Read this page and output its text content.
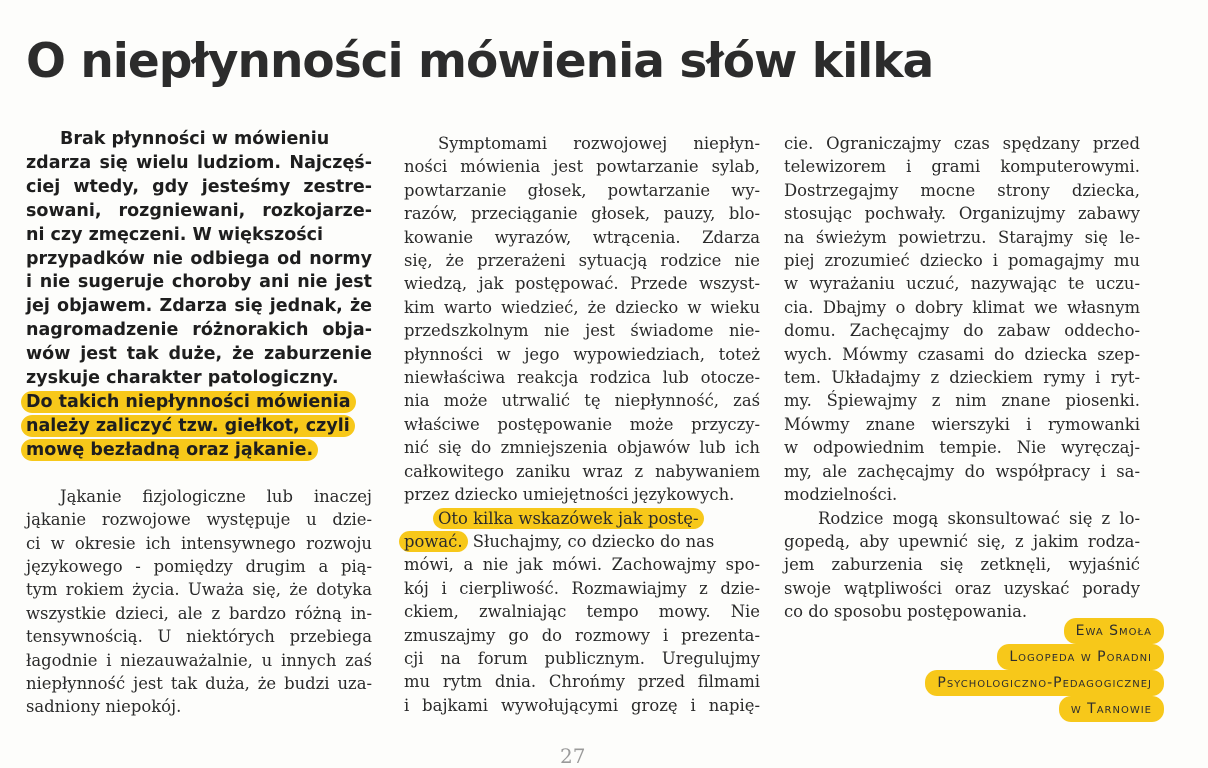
O niepłynności mówienia słów kilka
Brak płynności w mówieniu
zdarza się wielu ludziom. Najczęś-
ciej wtedy, gdy jesteśmy zestre-
sowani, rozgniewani, rozkojarze-
ni czy zmęczeni. W większości
przypadków nie odbiega od normy
i nie sugeruje choroby ani nie jest
jej objawem. Zdarza się jednak, że
nagromadzenie różnorakich obja-
wów jest tak duże, że zaburzenie
zyskuje charakter patologiczny.
Do takich niepłynności mówienia
należy zaliczyć tzw. giełkot, czyli
mowę bezładną oraz jąkanie.
Jąkanie fizjologiczne lub inaczej
jąkanie rozwojowe występuje u dzie-
ci w okresie ich intensywnego rozwoju
językowego - pomiędzy drugim a pią-
tym rokiem życia. Uważa się, że dotyka
wszystkie dzieci, ale z bardzo różną in-
tensywnością. U niektórych przebiega
łagodnie i niezauważalnie, u innych zaś
niepłynność jest tak duża, że budzi uza-
sadniony niepokój.
Symptomami rozwojowej niepłyn-
ności mówienia jest powtarzanie sylab,
powtarzanie głosek, powtarzanie wy-
razów, przeciąganie głosek, pauzy, blo-
kowanie wyrazów, wtrącenia. Zdarza
się, że przerażeni sytuacją rodzice nie
wiedzą, jak postępować. Przede wszyst-
kim warto wiedzieć, że dziecko w wieku
przedszkolnym nie jest świadome nie-
płynności w jego wypowiedziach, toteż
niewłaściwa reakcja rodzica lub otocze-
nia może utrwalić tę niepłynność, zaś
właściwe postępowanie może przyczy-
nić się do zmniejszenia objawów lub ich
całkowitego zaniku wraz z nabywaniem
przez dziecko umiejętności językowych.
Oto kilka wskazówek jak postę-
pować. Słuchajmy, co dziecko do nas
mówi, a nie jak mówi. Zachowajmy spo-
kój i cierpliwość. Rozmawiajmy z dzie-
ckiem, zwalniając tempo mowy. Nie
zmuszajmy go do rozmowy i prezenta-
cji na forum publicznym. Uregulujmy
mu rytm dnia. Chrońmy przed filmami
i bajkami wywołującymi grozę i napię-
cie. Ograniczajmy czas spędzany przed
telewizorem i grami komputerowymi.
Dostrzegajmy mocne strony dziecka,
stosując pochwały. Organizujmy zabawy
na świeżym powietrzu. Starajmy się le-
piej zrozumieć dziecko i pomagajmy mu
w wyrażaniu uczuć, nazywając te uczu-
cia. Dbajmy o dobry klimat we własnym
domu. Zachęcajmy do zabaw oddecho-
wych. Mówmy czasami do dziecka szep-
tem. Układajmy z dzieckiem rymy i ryt-
my. Śpiewajmy z nim znane piosenki.
Mówmy znane wierszyki i rymowanki
w odpowiednim tempie. Nie wyręczaj-
my, ale zachęcajmy do współpracy i sa-
modzielności.
Rodzice mogą skonsultować się z lo-
gopedą, aby upewnić się, z jakim rodza-
jem zaburzenia się zetknęli, wyjaśnić
swoje wątpliwości oraz uzyskać porady
co do sposobu postępowania.
Ewa Smoła
Logopeda w Poradni
Psychologiczno-Pedagogicznej
w Tarnowie
27
